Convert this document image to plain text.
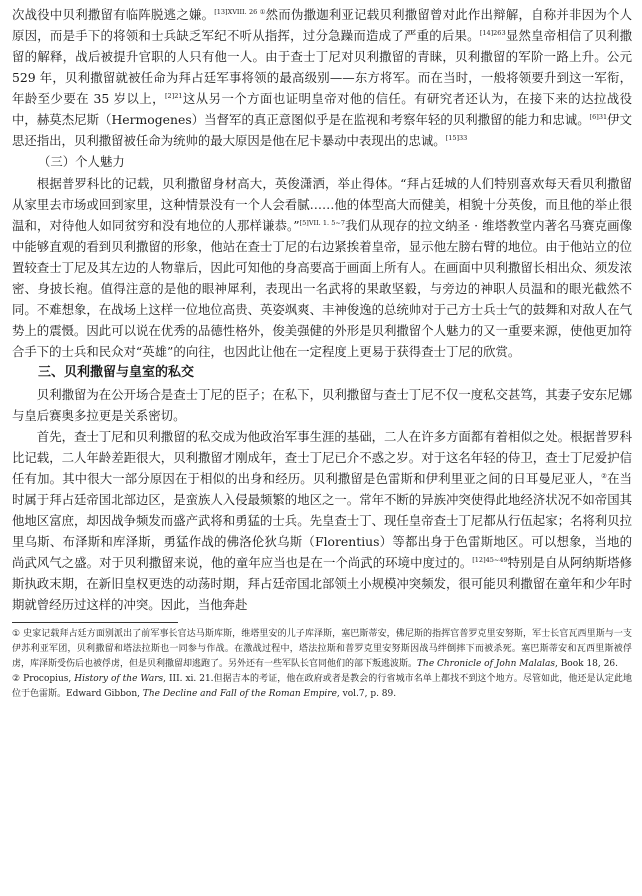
次战役中贝利撒留有临阵脱逃之嫌。$^{[13]XVIII. 26 ①}$然而伪撒迦利亚记载贝利撒留曾对此作出辩解，自称并非因为个人原因，而是手下的将领和士兵缺乏军纪不听从指挥，过分急躁而造成了严重的后果。$^{[14]263}$显然皇帝相信了贝利撒留的解释，战后被提升官职的人只有他一人。由于查士丁尼对贝利撒留的青睐，贝利撒留的军阶一路上升。公元 529 年，贝利撒留就被任命为拜占廷军事将领的最高级别——东方将军。而在当时，一般将领要升到这一军衔，年龄至少要在 35 岁以上，$^{[2]21}$这从另一个方面也证明皇帝对他的信任。有研究者还认为，在接下来的达拉战役中，赫莫杰尼斯（Hermogenes）当督军的真正意图似乎是在监视和考察年轻的贝利撒留的能力和忠诚。$^{[6]31}$伊文思还指出，贝利撒留被任命为统帅的最大原因是他在尼卡暴动中表现出的忠诚。$^{[15]33}$

（三）个人魅力

根据普罗科比的记载，贝利撒留身材高大，英俊潇洒，举止得体。“拜占廷城的人们特别喜欢每天看贝利撒留从家里去市场或回到家里，这种情景没有一个人会看腻……他的体型高大而健美，相貌十分英俊，而且他的举止很温和，对待他人如同贫穷和没有地位的人那样谦恭。”$^{[5]VII. 1. 5\sim 7}$我们从现存的拉文纳圣 · 维塔教堂内著名马赛克画像中能够直观的看到贝利撒留的形象，他站在查士丁尼的右边紧挨着皇帝，显示他左膀右臂的地位。由于他站立的位置较查士丁尼及其左边的人物靠后，因此可知他的身高要高于画面上所有人。在画面中贝利撒留长相出众、须发浓密、身披长袍。值得注意的是他的眼神犀利，表现出一名武将的果敢坚毅，与旁边的神职人员温和的眼光截然不同。不难想象，在战场上这样一位地位高贵、英姿飒爽、丰神俊逸的总统帅对于己方士兵士气的鼓舞和对敌人在气势上的震慑。因此可以说在优秀的品德性格外，俊美强健的外形是贝利撒留个人魅力的又一重要来源，使他更加符合手下的士兵和民众对“英雄”的向往，也因此让他在一定程度上更易于获得查士丁尼的欣赏。

三、贝利撒留与皇室的私交

贝利撒留为在公开场合是查士丁尼的臣子；在私下，贝利撒留与查士丁尼不仅一度私交甚笃，其妻子安东尼娜与皇后赛奥多拉更是关系密切。

首先，查士丁尼和贝利撒留的私交成为他政治军事生涯的基础，二人在许多方面都有着相似之处。根据普罗科比记载，二人年龄差距很大，贝利撒留才刚成年，查士丁尼已介不惑之岁。对于这名年轻的侍卫，查士丁尼爱护信任有加。其中很大一部分原因在于相似的出身和经历。贝利撒留是色雷斯和伊利里亚之间的日耳曼尼亚人，②在当时属于拜占廷帝国北部边区，是蛮族人入侵最频繁的地区之一。常年不断的异族冲突使得此地经济状况不如帝国其他地区富庶，却因战争频发而盛产武将和勇猛的士兵。先皇查士丁、现任皇帝查士丁尼都从行伍起家；名将利贝拉里乌斯、布泽斯和库泽斯，勇猛作战的佛洛伦狄乌斯（Florentius）等都出身于色雷斯地区。可以想象，当地的尚武风气之盛。对于贝利撒留来说，他的童年应当也是在一个尚武的环境中度过的。$^{[12]45\sim 49}$特别是自从阿纳斯塔修斯执政末期，在新旧皇权更迭的动荡时期，拜占廷帝国北部领土小规模冲突频发，很可能贝利撒留在童年和少年时期就曾经历过这样的冲突。因此，当他奔赴

① 史家记载拜占廷方面别派出了前军事长官达马斯库斯，维塔里安的儿子库泽斯，塞巴斯蒂安，佛尼斯的指挥官普罗克里安努斯，军士长官瓦西里斯与一支伊苏利亚军团，贝利撒留和塔法拉斯也一同参与作战。在激战过程中，塔法拉斯和普罗克里安努斯因战马绊倒摔下而被杀死。塞巴斯蒂安和瓦西里斯被俘虏，库泽斯受伤后也被俘虏，但是贝利撒留却逃跑了。另外还有一些军队长官同他们的部下叛逃波斯。The Chronicle of John Malalas, Book 18, 26.
② Procopius, History of the Wars, III. xi. 21.但据吉本的考证，他在政府或者是教会的行省城市名单上都找不到这个地方。尽管如此，他还是认定此地位于色雷斯。Edward Gibbon, The Decline and Fall of the Roman Empire, vol.7, p. 89.
